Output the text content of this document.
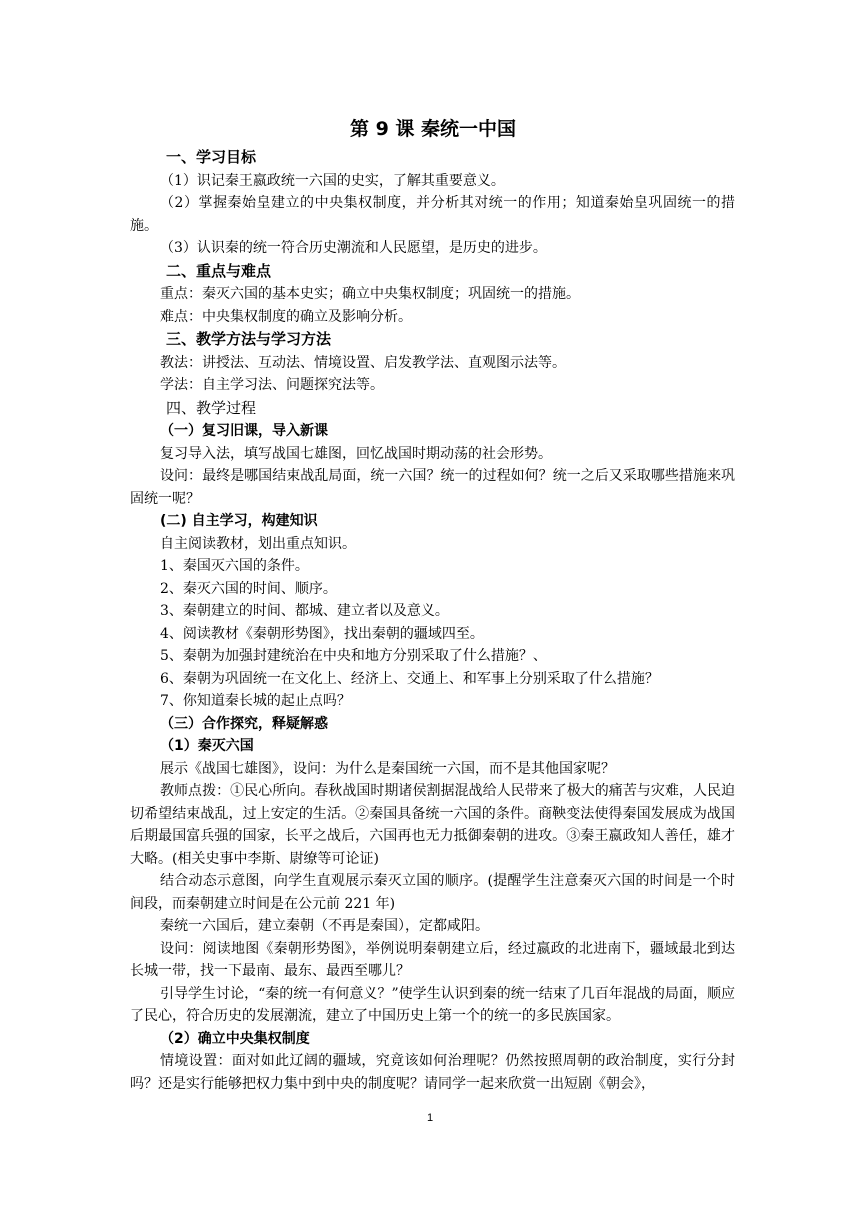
第 9 课 秦统一中国
一、学习目标
（1）识记秦王嬴政统一六国的史实，了解其重要意义。

（2）掌握秦始皇建立的中央集权制度，并分析其对统一的作用；知道秦始皇巩固统一的措施。

（3）认识秦的统一符合历史潮流和人民愿望，是历史的进步。
二、重点与难点
重点：秦灭六国的基本史实；确立中央集权制度；巩固统一的措施。
难点：中央集权制度的确立及影响分析。
三、教学方法与学习方法
教法：讲授法、互动法、情境设置、启发教学法、直观图示法等。
学法：自主学习法、问题探究法等。
四、教学过程
（一）复习旧课，导入新课
复习导入法，填写战国七雄图，回忆战国时期动荡的社会形势。

设问：最终是哪国结束战乱局面，统一六国？统一的过程如何？统一之后又采取哪些措施来巩固统一呢？

(二) 自主学习，构建知识
自主阅读教材，划出重点知识。
1、秦国灭六国的条件。
2、秦灭六国的时间、顺序。
3、秦朝建立的时间、都城、建立者以及意义。
4、阅读教材《秦朝形势图》，找出秦朝的疆域四至。
5、秦朝为加强封建统治在中央和地方分别采取了什么措施？、
6、秦朝为巩固统一在文化上、经济上、交通上、和军事上分别采取了什么措施？
7、你知道秦长城的起止点吗？
（三）合作探究，释疑解惑
（1）秦灭六国
展示《战国七雄图》，设问：为什么是秦国统一六国，而不是其他国家呢？

教师点拨：①民心所向。春秋战国时期诸侯割据混战给人民带来了极大的痛苦与灾难，人民迫切希望结束战乱，过上安定的生活。②秦国具备统一六国的条件。商鞅变法使得秦国发展成为战国后期最国富兵强的国家，长平之战后，六国再也无力抵御秦朝的进攻。③秦王嬴政知人善任，雄才大略。(相关史事中李斯、尉缭等可论证)

结合动态示意图，向学生直观展示秦灭立国的顺序。(提醒学生注意秦灭六国的时间是一个时间段，而秦朝建立时间是在公元前 221 年)

秦统一六国后，建立秦朝（不再是秦国），定都咸阳。

设问：阅读地图《秦朝形势图》，举例说明秦朝建立后，经过嬴政的北进南下，疆域最北到达长城一带，找一下最南、最东、最西至哪儿？

引导学生讨论，“秦的统一有何意义？”使学生认识到秦的统一结束了几百年混战的局面，顺应了民心，符合历史的发展潮流，建立了中国历史上第一个的统一的多民族国家。

（2）确立中央集权制度

情境设置：面对如此辽阔的疆域，究竟该如何治理呢？仍然按照周朝的政治制度，实行分封吗？还是实行能够把权力集中到中央的制度呢？请同学一起来欣赏一出短剧《朝会》，

1
